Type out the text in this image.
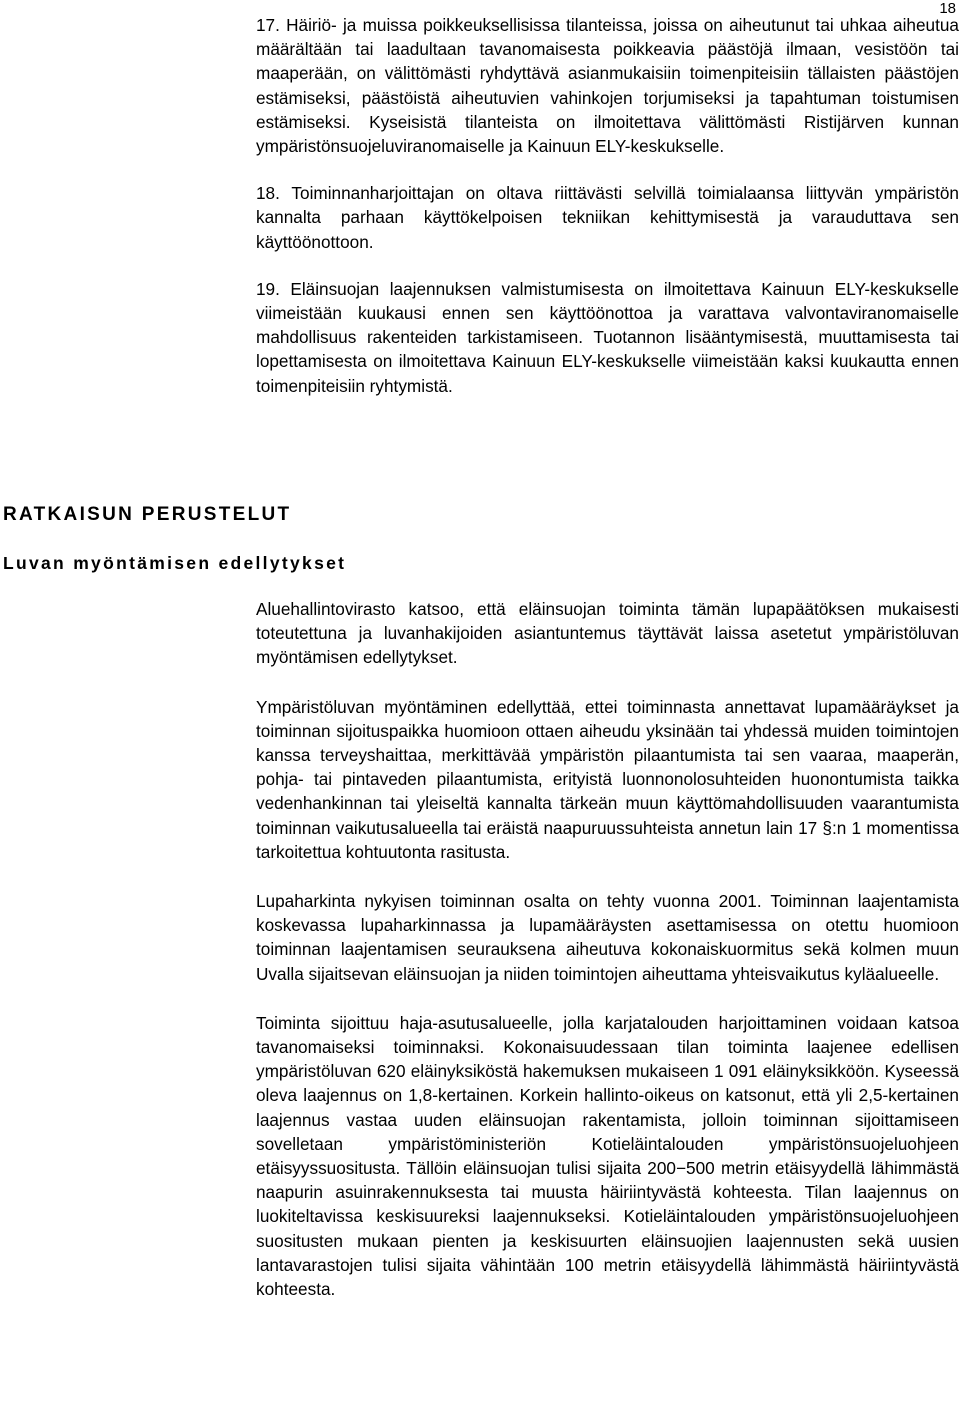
18

17. Häiriö- ja muissa poikkeuksellisissa tilanteissa, joissa on aiheutunut tai uhkaa aiheutua määrältään tai laadultaan tavanomaisesta poikkeavia päästöjä ilmaan, vesistöön tai maaperään, on välittömästi ryhdyttävä asianmukaisiin toimenpiteisiin tällaisten päästöjen estämiseksi, päästöistä aiheutuvien vahinkojen torjumiseksi ja tapahtuman toistumisen estämiseksi. Kyseisistä tilanteista on ilmoitettava välittömästi Ristijärven kunnan ympäristönsuojeluviranomaiselle ja Kainuun ELY-keskukselle.

18. Toiminnanharjoittajan on oltava riittävästi selvillä toimialaansa liittyvän ympäristön kannalta parhaan käyttökelpoisen tekniikan kehittymisestä ja varauduttava sen käyttöönottoon.

19. Eläinsuojan laajennuksen valmistumisesta on ilmoitettava Kainuun ELY-keskukselle viimeistään kuukausi ennen sen käyttöönottoa ja varattava valvontaviranomaiselle mahdollisuus rakenteiden tarkistamiseen. Tuotannon lisääntymisestä, muuttamisesta tai lopettamisesta on ilmoitettava Kainuun ELY-keskukselle viimeistään kaksi kuukautta ennen toimenpiteisiin ryhtymistä.

RATKAISUN PERUSTELUT
Luvan myöntämisen edellytykset

Aluehallintovirasto katsoo, että eläinsuojan toiminta tämän lupapäätöksen mukaisesti toteutettuna ja luvanhakijoiden asiantuntemus täyttävät laissa asetetut ympäristöluvan myöntämisen edellytykset.

Ympäristöluvan myöntäminen edellyttää, ettei toiminnasta annettavat lupamääräykset ja toiminnan sijoituspaikka huomioon ottaen aiheudu yksinään tai yhdessä muiden toimintojen kanssa terveyshaittaa, merkittävää ympäristön pilaantumista tai sen vaaraa, maaperän, pohja- tai pintaveden pilaantumista, erityistä luonnonolosuhteiden huonontumista taikka vedenhankinnan tai yleiseltä kannalta tärkeän muun käyttömahdollisuuden vaarantumista toiminnan vaikutusalueella tai eräistä naapuruussuhteista annetun lain 17 §:n 1 momentissa tarkoitettua kohtuutonta rasitusta.

Lupaharkinta nykyisen toiminnan osalta on tehty vuonna 2001. Toiminnan laajentamista koskevassa lupaharkinnassa ja lupamääräysten asettamisessa on otettu huomioon toiminnan laajentamisen seurauksena aiheutuva kokonaiskuormitus sekä kolmen muun Uvalla sijaitsevan eläinsuojan ja niiden toimintojen aiheuttama yhteisvaikutus kyläalueelle.

Toiminta sijoittuu haja-asutusalueelle, jolla karjatalouden harjoittaminen voidaan katsoa tavanomaiseksi toiminnaksi. Kokonaisuudessaan tilan toiminta laajenee edellisen ympäristöluvan 620 eläinyksiköstä hakemuksen mukaiseen 1 091 eläinyksikköön. Kyseessä oleva laajennus on 1,8-kertainen. Korkein hallinto-oikeus on katsonut, että yli 2,5-kertainen laajennus vastaa uuden eläinsuojan rakentamista, jolloin toiminnan sijoittamiseen sovelletaan ympäristöministeriön Kotieläintalouden ympäristönsuojeluohjeen etäisyyssuositusta. Tällöin eläinsuojan tulisi sijaita 200−500 metrin etäisyydellä lähimmästä naapurin asuinrakennuksesta tai muusta häiriintyvästä kohteesta. Tilan laajennus on luokiteltavissa keskisuureksi laajennukseksi. Kotieläintalouden ympäristönsuojeluohjeen suositusten mukaan pienten ja keskisuurten eläinsuojien laajennusten sekä uusien lantavarastojen tulisi sijaita vähintään 100 metrin etäisyydellä lähimmästä häiriintyvästä kohteesta.
